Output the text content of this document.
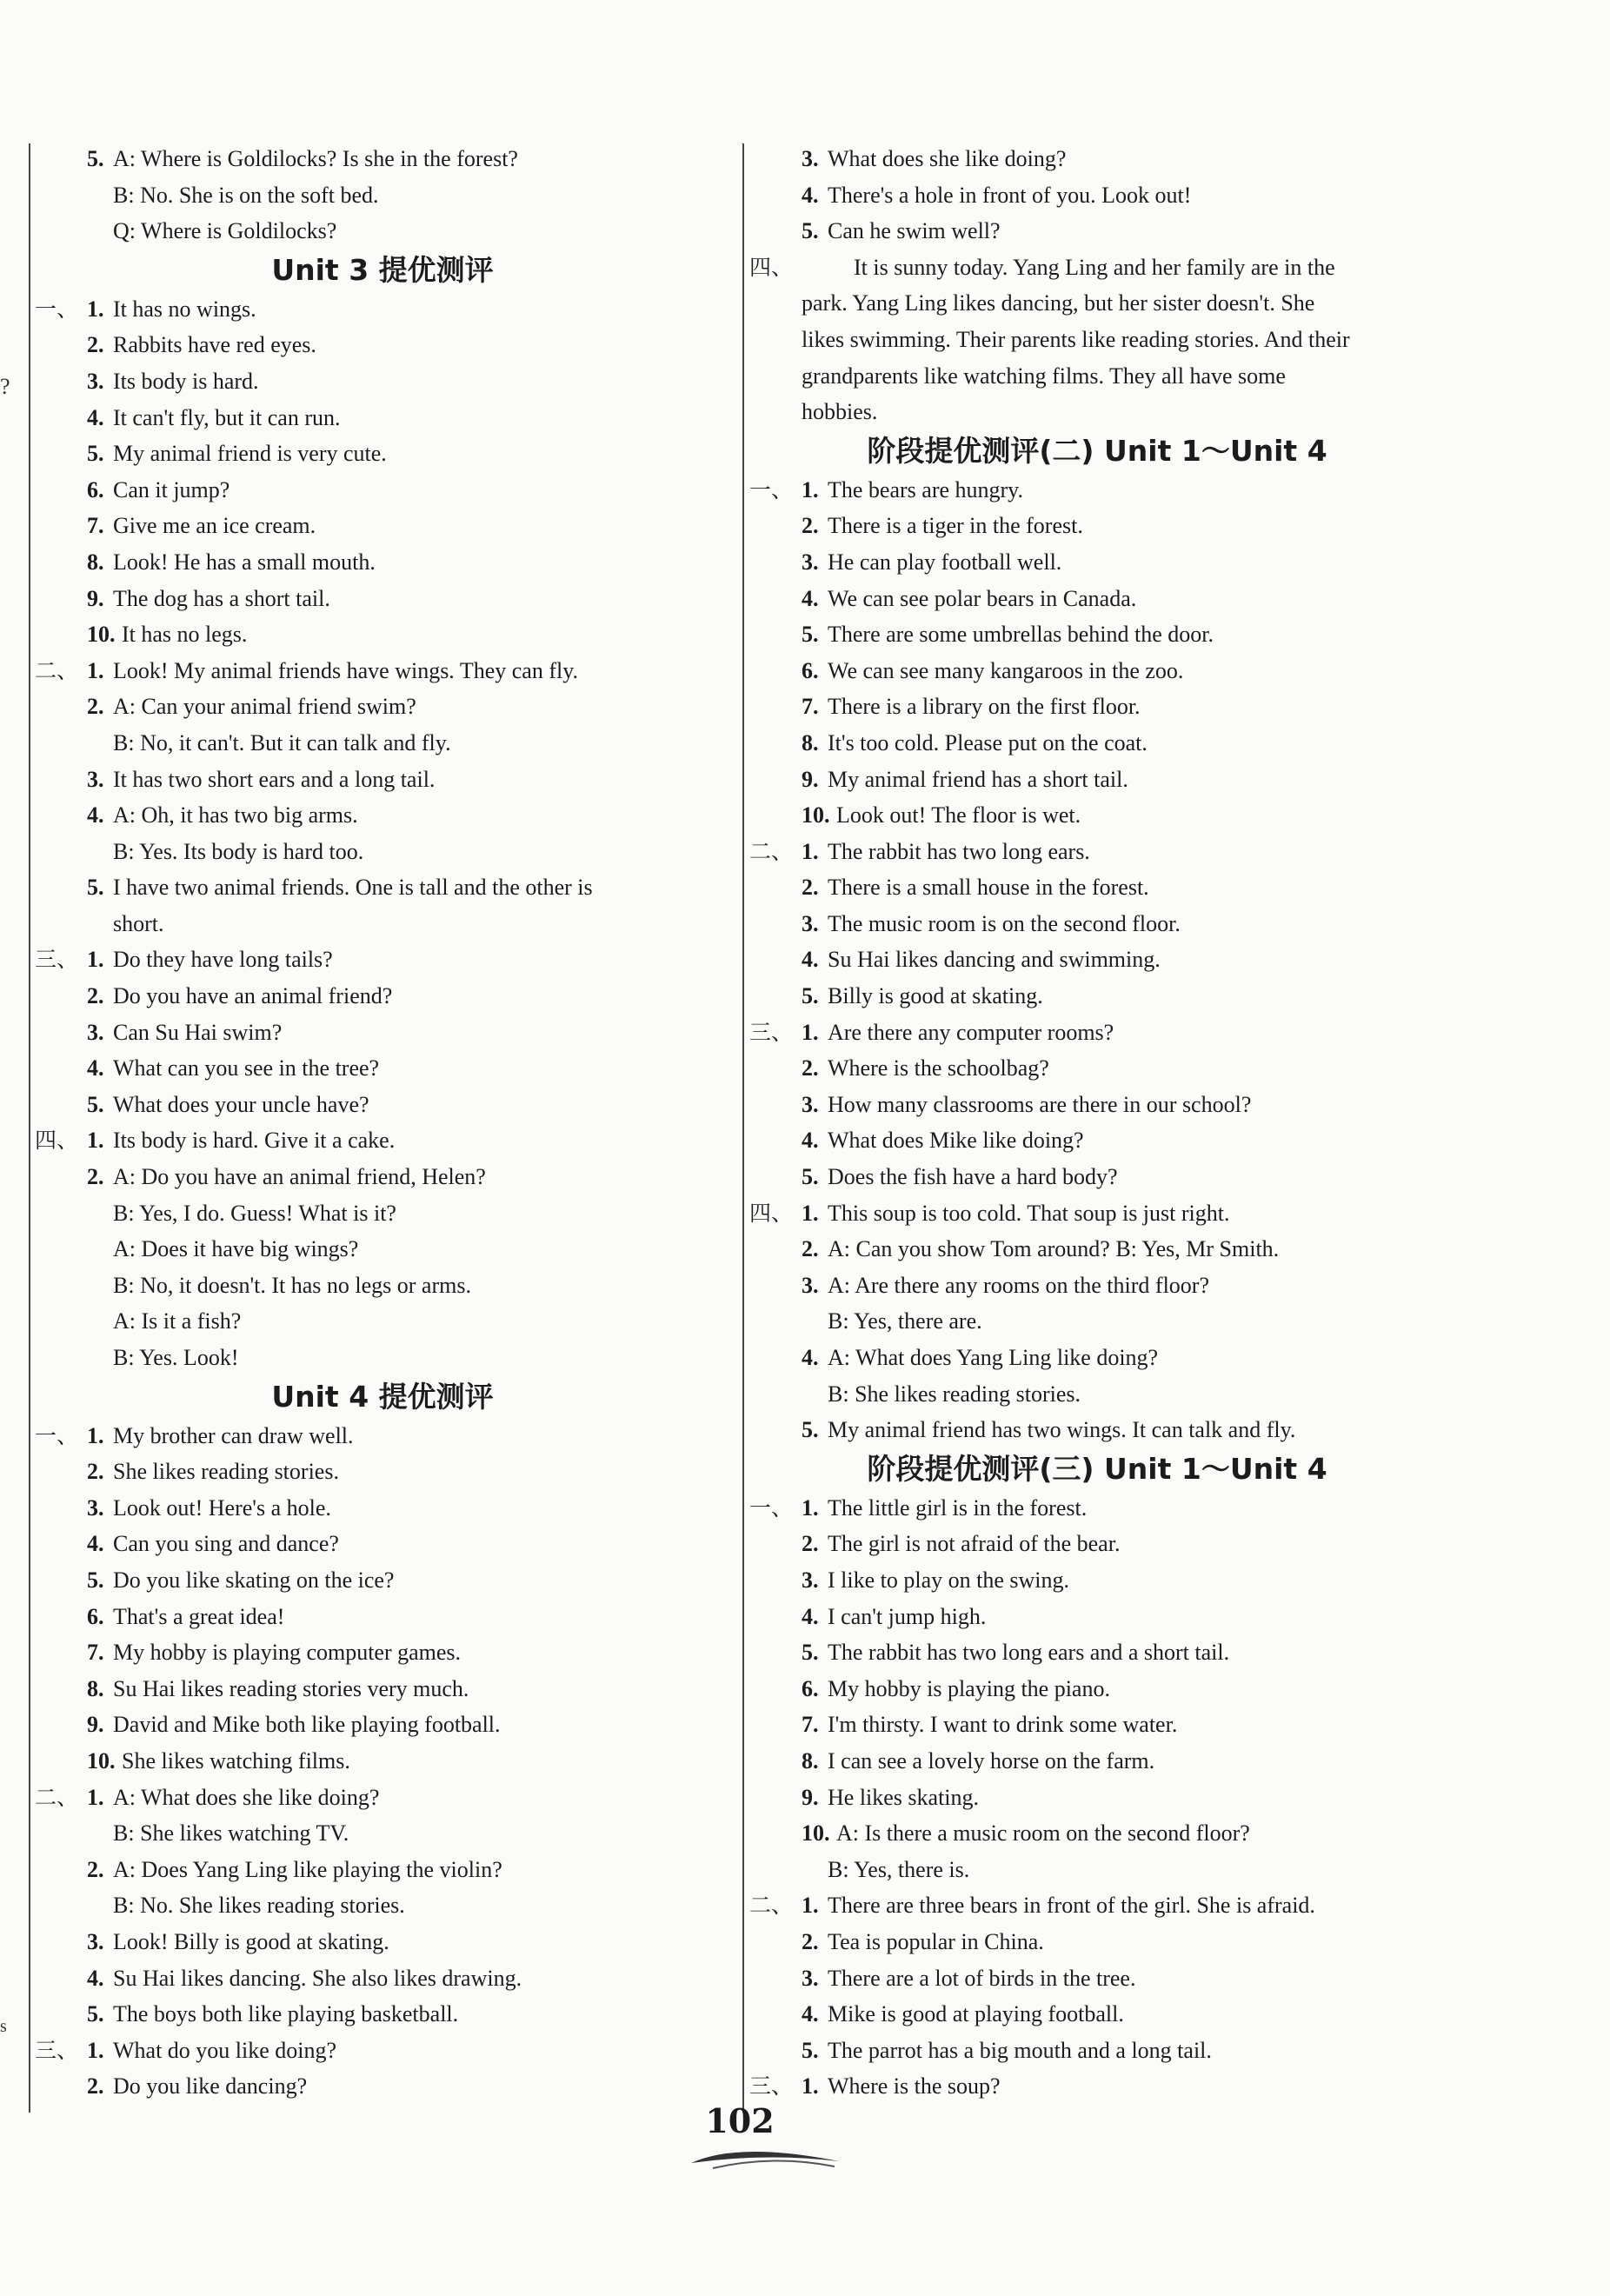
?
s
5. A: Where is Goldilocks? Is she in the forest?
B: No. She is on the soft bed.
Q: Where is Goldilocks?
Unit 3 提优测评
一、 1. It has no wings.
2. Rabbits have red eyes.
3. Its body is hard.
4. It can't fly, but it can run.
5. My animal friend is very cute.
6. Can it jump?
7. Give me an ice cream.
8. Look! He has a small mouth.
9. The dog has a short tail.
10. It has no legs.
二、 1. Look! My animal friends have wings. They can fly.
2. A: Can your animal friend swim?
B: No, it can't. But it can talk and fly.
3. It has two short ears and a long tail.
4. A: Oh, it has two big arms.
B: Yes. Its body is hard too.
5. I have two animal friends. One is tall and the other is
short.
三、 1. Do they have long tails?
2. Do you have an animal friend?
3. Can Su Hai swim?
4. What can you see in the tree?
5. What does your uncle have?
四、 1. Its body is hard. Give it a cake.
2. A: Do you have an animal friend, Helen?
B: Yes, I do. Guess! What is it?
A: Does it have big wings?
B: No, it doesn't. It has no legs or arms.
A: Is it a fish?
B: Yes. Look!
Unit 4 提优测评
一、 1. My brother can draw well.
2. She likes reading stories.
3. Look out! Here's a hole.
4. Can you sing and dance?
5. Do you like skating on the ice?
6. That's a great idea!
7. My hobby is playing computer games.
8. Su Hai likes reading stories very much.
9. David and Mike both like playing football.
10. She likes watching films.
二、 1. A: What does she like doing?
B: She likes watching TV.
2. A: Does Yang Ling like playing the violin?
B: No. She likes reading stories.
3. Look! Billy is good at skating.
4. Su Hai likes dancing. She also likes drawing.
5. The boys both like playing basketball.
三、 1. What do you like doing?
2. Do you like dancing?
3. What does she like doing?
4. There's a hole in front of you. Look out!
5. Can he swim well?
四、	It is sunny today. Yang Ling and her family are in the
park. Yang Ling likes dancing, but her sister doesn't. She
likes swimming. Their parents like reading stories. And their
grandparents like watching films. They all have some
hobbies.
阶段提优测评(二) Unit 1～Unit 4
一、 1. The bears are hungry.
2. There is a tiger in the forest.
3. He can play football well.
4. We can see polar bears in Canada.
5. There are some umbrellas behind the door.
6. We can see many kangaroos in the zoo.
7. There is a library on the first floor.
8. It's too cold. Please put on the coat.
9. My animal friend has a short tail.
10. Look out! The floor is wet.
二、 1. The rabbit has two long ears.
2. There is a small house in the forest.
3. The music room is on the second floor.
4. Su Hai likes dancing and swimming.
5. Billy is good at skating.
三、 1. Are there any computer rooms?
2. Where is the schoolbag?
3. How many classrooms are there in our school?
4. What does Mike like doing?
5. Does the fish have a hard body?
四、 1. This soup is too cold. That soup is just right.
2. A: Can you show Tom around? B: Yes, Mr Smith.
3. A: Are there any rooms on the third floor?
B: Yes, there are.
4. A: What does Yang Ling like doing?
B: She likes reading stories.
5. My animal friend has two wings. It can talk and fly.
阶段提优测评(三) Unit 1～Unit 4
一、 1. The little girl is in the forest.
2. The girl is not afraid of the bear.
3. I like to play on the swing.
4. I can't jump high.
5. The rabbit has two long ears and a short tail.
6. My hobby is playing the piano.
7. I'm thirsty. I want to drink some water.
8. I can see a lovely horse on the farm.
9. He likes skating.
10. A: Is there a music room on the second floor?
B: Yes, there is.
二、 1. There are three bears in front of the girl. She is afraid.
2. Tea is popular in China.
3. There are a lot of birds in the tree.
4. Mike is good at playing football.
5. The parrot has a big mouth and a long tail.
三、 1. Where is the soup?
102
